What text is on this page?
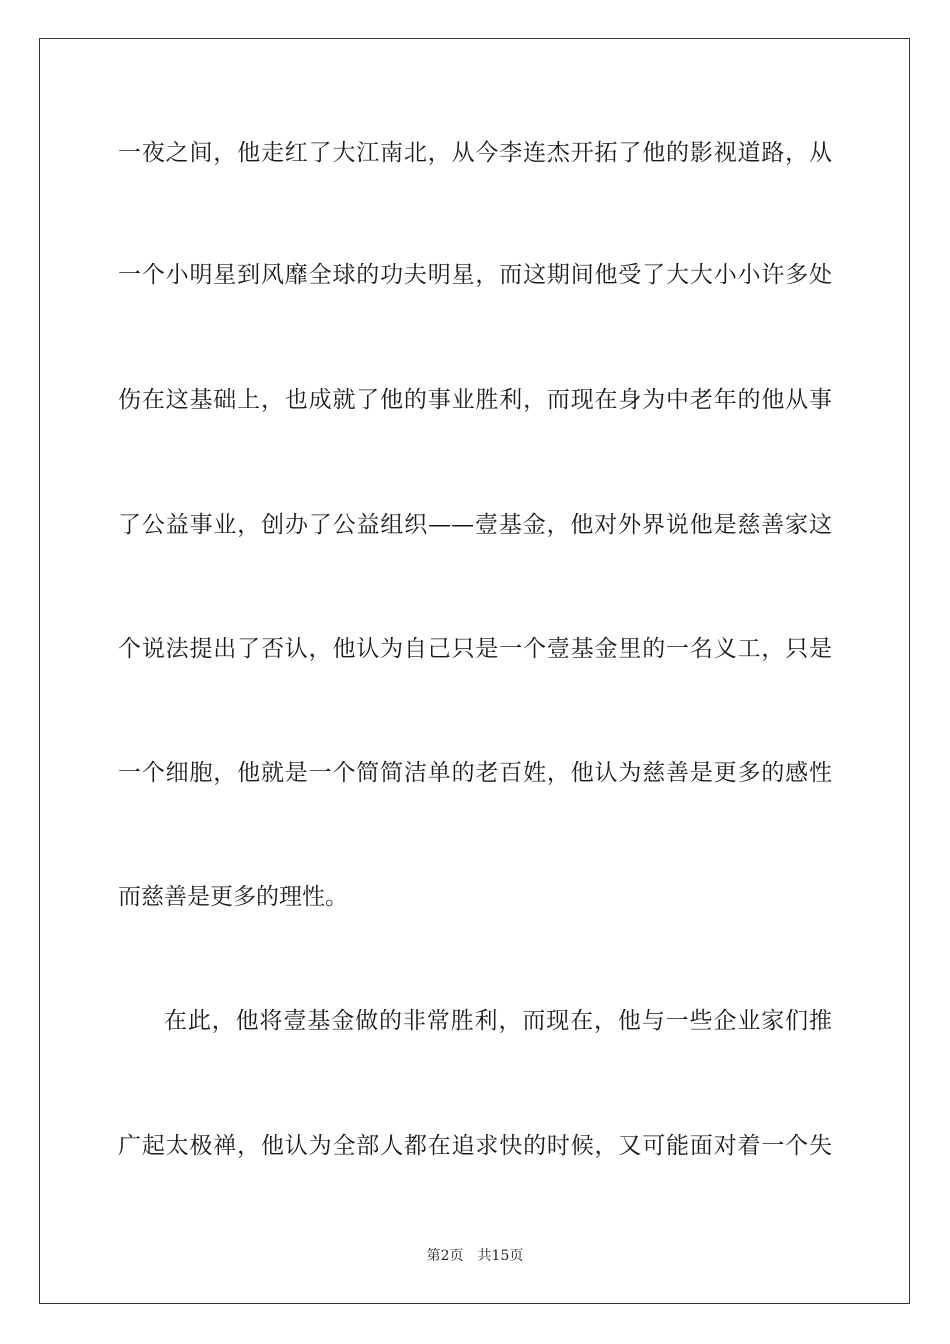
一夜之间，他走红了大江南北，从今李连杰开拓了他的影视道路，从
一个小明星到风靡全球的功夫明星，而这期间他受了大大小小许多处
伤在这基础上，也成就了他的事业胜利，而现在身为中老年的他从事
了公益事业，创办了公益组织——壹基金，他对外界说他是慈善家这
个说法提出了否认，他认为自己只是一个壹基金里的一名义工，只是
一个细胞，他就是一个简简洁单的老百姓，他认为慈善是更多的感性
而慈善是更多的理性。
在此，他将壹基金做的非常胜利，而现在，他与一些企业家们推
广起太极禅，他认为全部人都在追求快的时候，又可能面对着一个失
第2页 共15页
